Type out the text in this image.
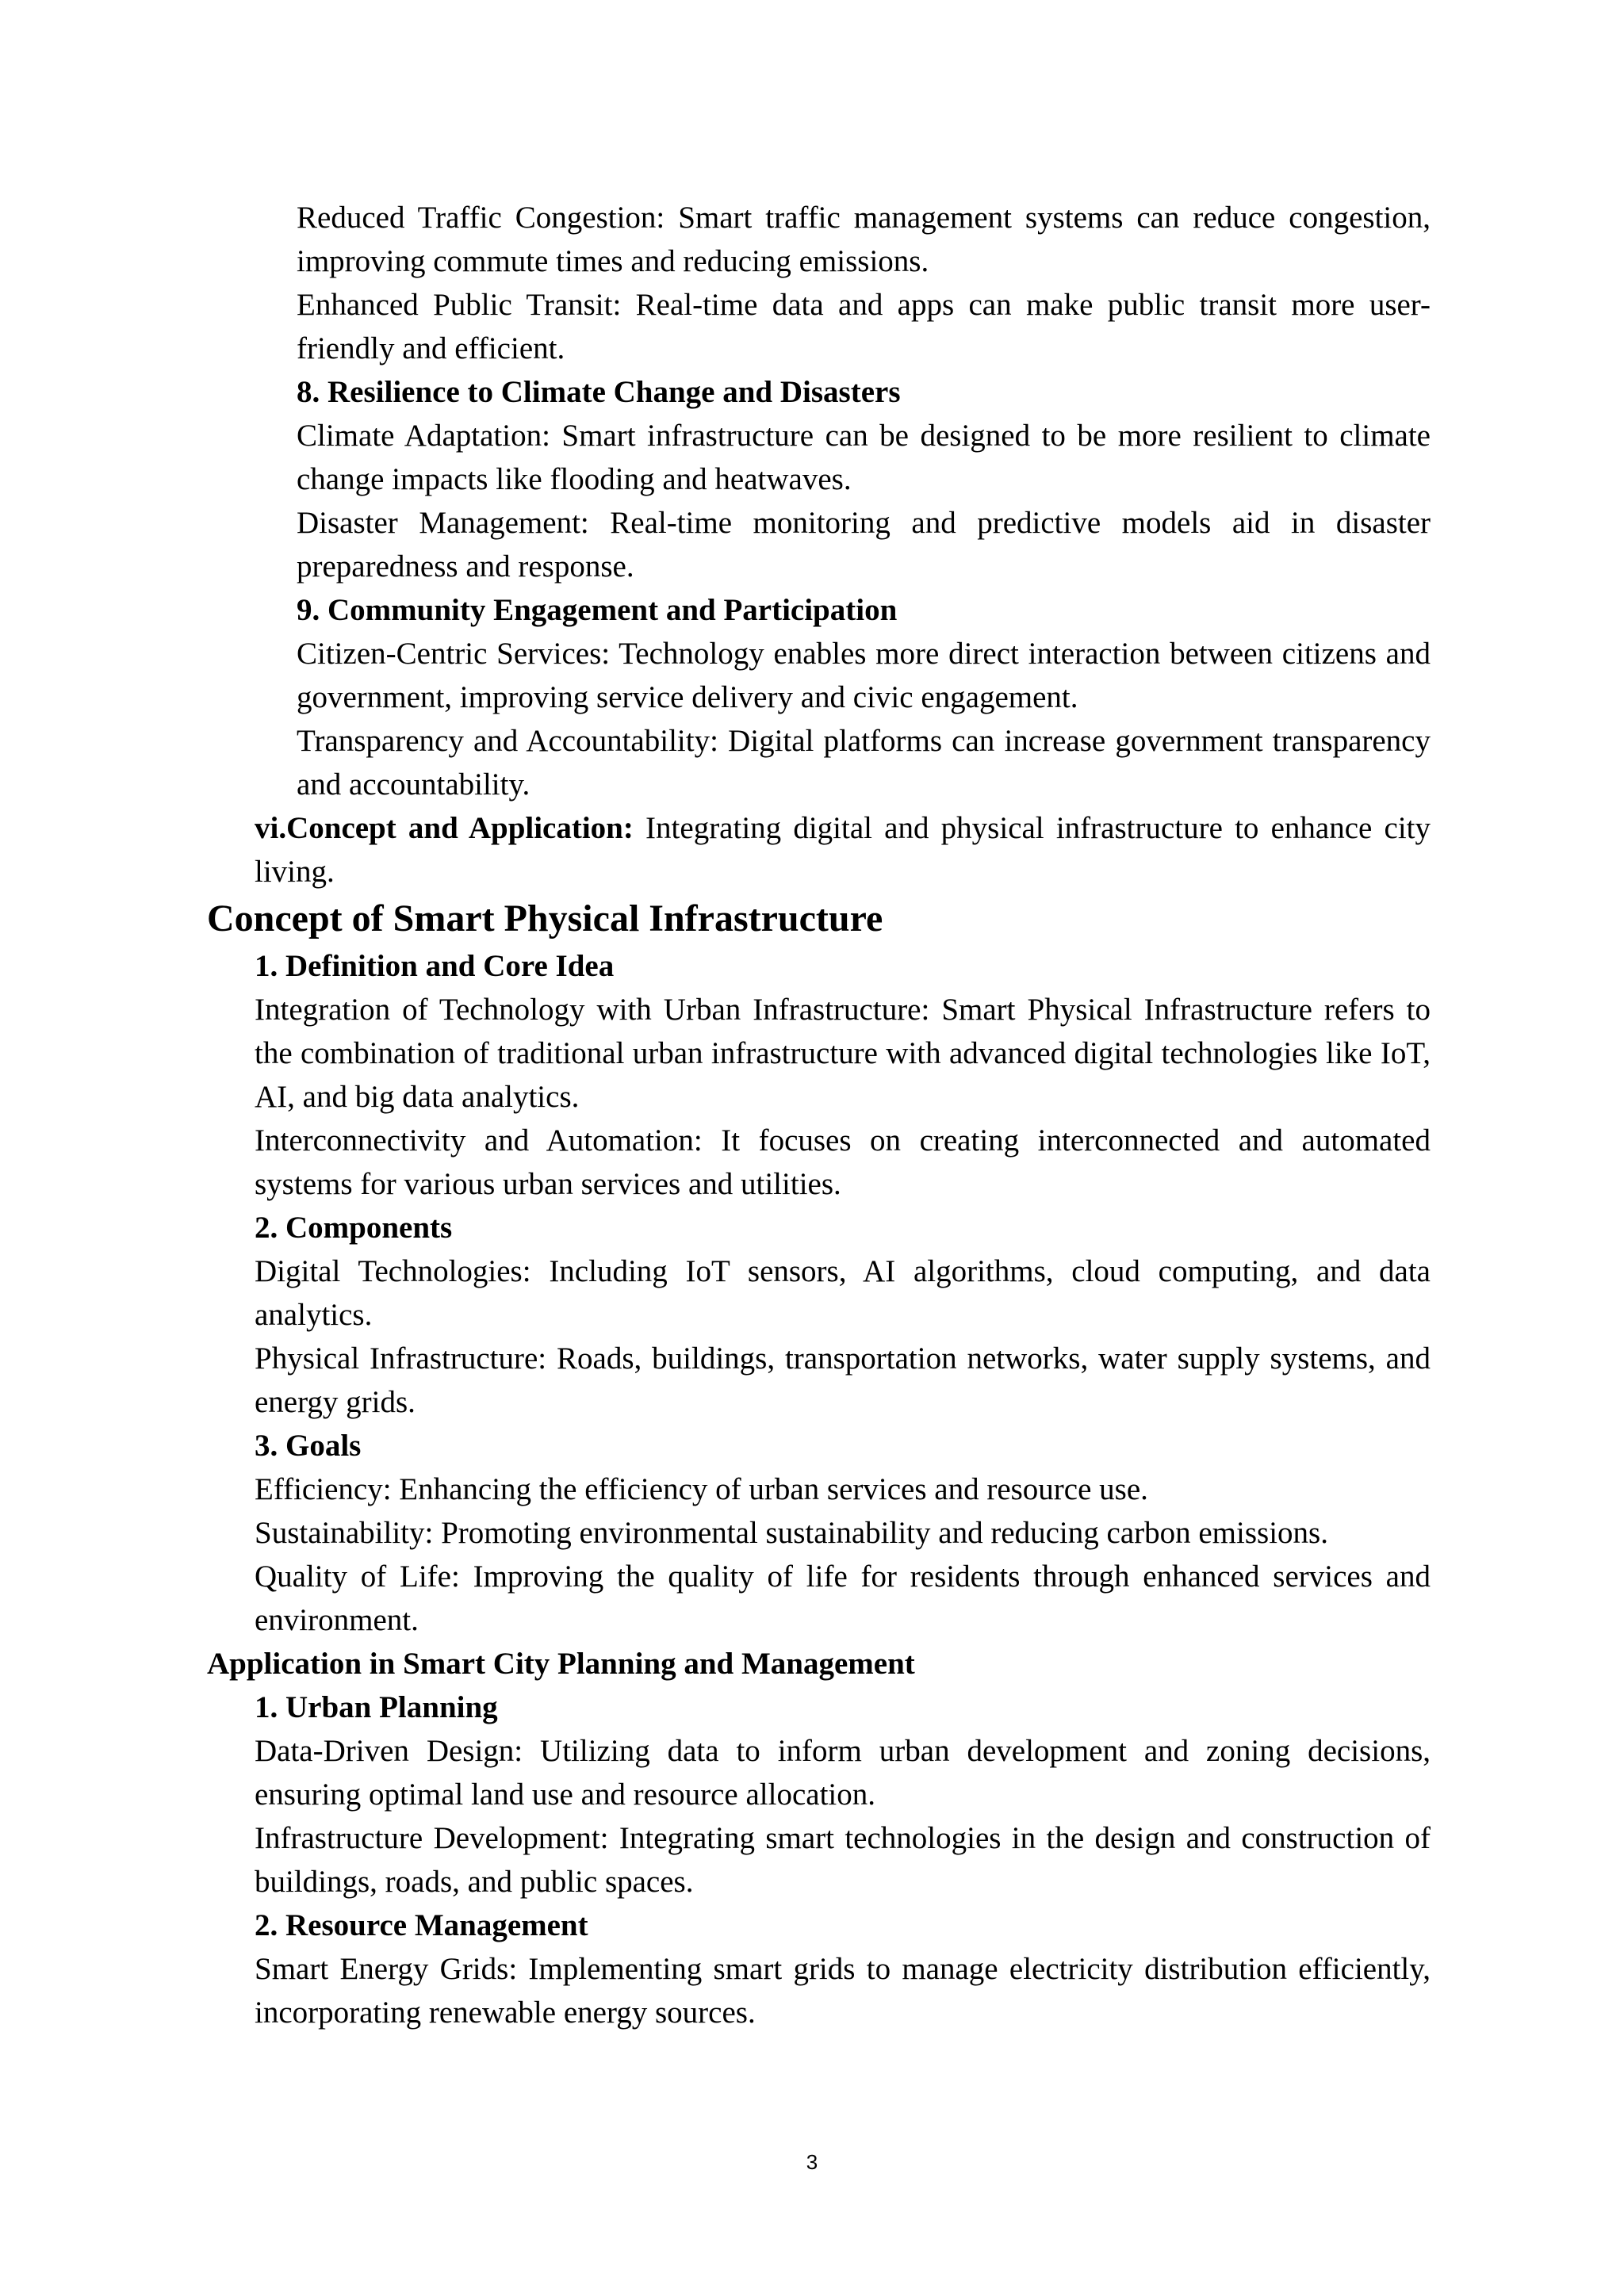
Reduced Traffic Congestion: Smart traffic management systems can reduce congestion, improving commute times and reducing emissions.

Enhanced Public Transit: Real-time data and apps can make public transit more user-friendly and efficient.

8. Resilience to Climate Change and Disasters

Climate Adaptation: Smart infrastructure can be designed to be more resilient to climate change impacts like flooding and heatwaves.

Disaster Management: Real-time monitoring and predictive models aid in disaster preparedness and response.

9. Community Engagement and Participation

Citizen-Centric Services: Technology enables more direct interaction between citizens and government, improving service delivery and civic engagement.

Transparency and Accountability: Digital platforms can increase government transparency and accountability.

vi.Concept and Application: Integrating digital and physical infrastructure to enhance city living.

Concept of Smart Physical Infrastructure

1. Definition and Core Idea

Integration of Technology with Urban Infrastructure: Smart Physical Infrastructure refers to the combination of traditional urban infrastructure with advanced digital technologies like IoT, AI, and big data analytics.

Interconnectivity and Automation: It focuses on creating interconnected and automated systems for various urban services and utilities.

2. Components

Digital Technologies: Including IoT sensors, AI algorithms, cloud computing, and data analytics.

Physical Infrastructure: Roads, buildings, transportation networks, water supply systems, and energy grids.

3. Goals

Efficiency: Enhancing the efficiency of urban services and resource use.

Sustainability: Promoting environmental sustainability and reducing carbon emissions.

Quality of Life: Improving the quality of life for residents through enhanced services and environment.

Application in Smart City Planning and Management

1. Urban Planning

Data-Driven Design: Utilizing data to inform urban development and zoning decisions, ensuring optimal land use and resource allocation.

Infrastructure Development: Integrating smart technologies in the design and construction of buildings, roads, and public spaces.

2. Resource Management

Smart Energy Grids: Implementing smart grids to manage electricity distribution efficiently, incorporating renewable energy sources.

3
